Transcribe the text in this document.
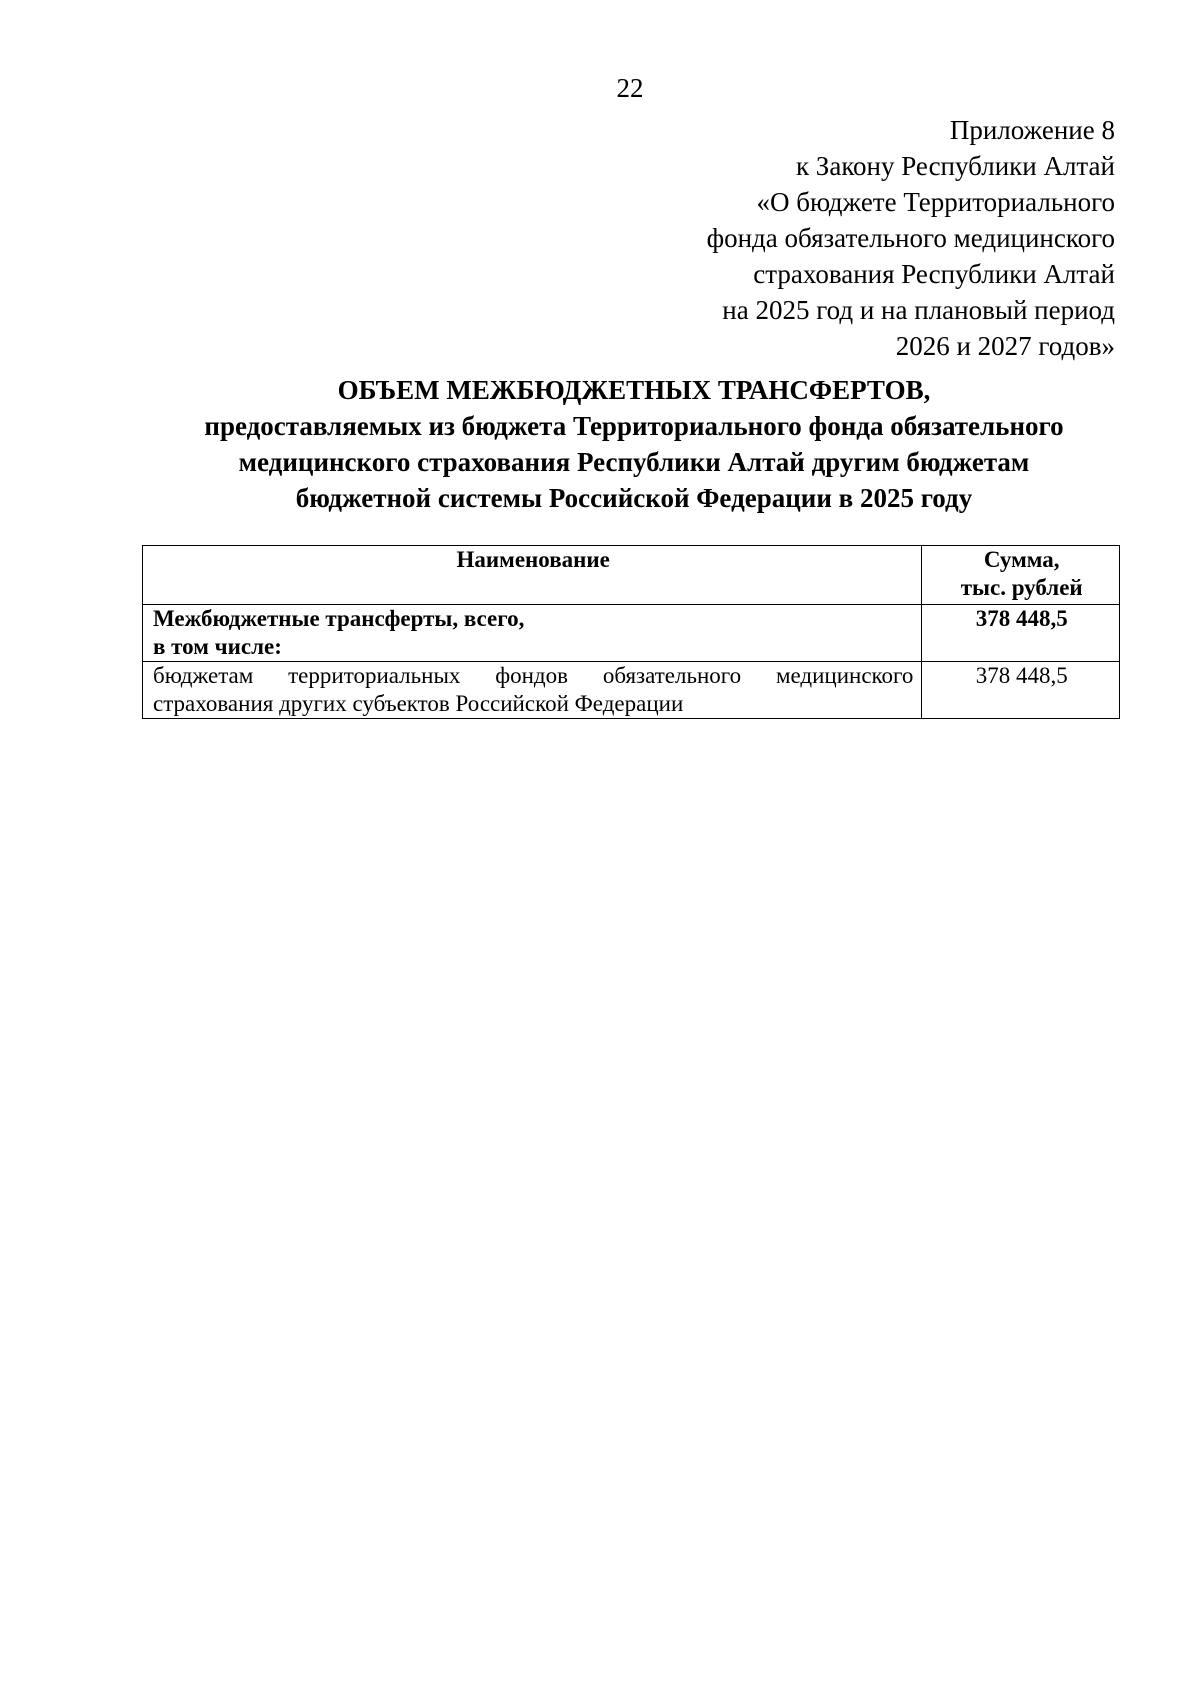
22
Приложение 8
к Закону Республики Алтай
«О бюджете Территориального
фонда обязательного медицинского
страхования Республики Алтай
на 2025 год и на плановый период
2026 и 2027 годов»
ОБЪЕМ МЕЖБЮДЖЕТНЫХ ТРАНСФЕРТОВ,
предоставляемых из бюджета Территориального фонда обязательного
медицинского страхования Республики Алтай другим бюджетам
бюджетной системы Российской Федерации в 2025 году
Наименование	Сумма,
тыс. рублей

Межбюджетные трансферты, всего,
в том числе:	378 448,5
бюджетам территориальных фондов обязательного медицинского страхования других субъектов Российской Федерации	378 448,5
